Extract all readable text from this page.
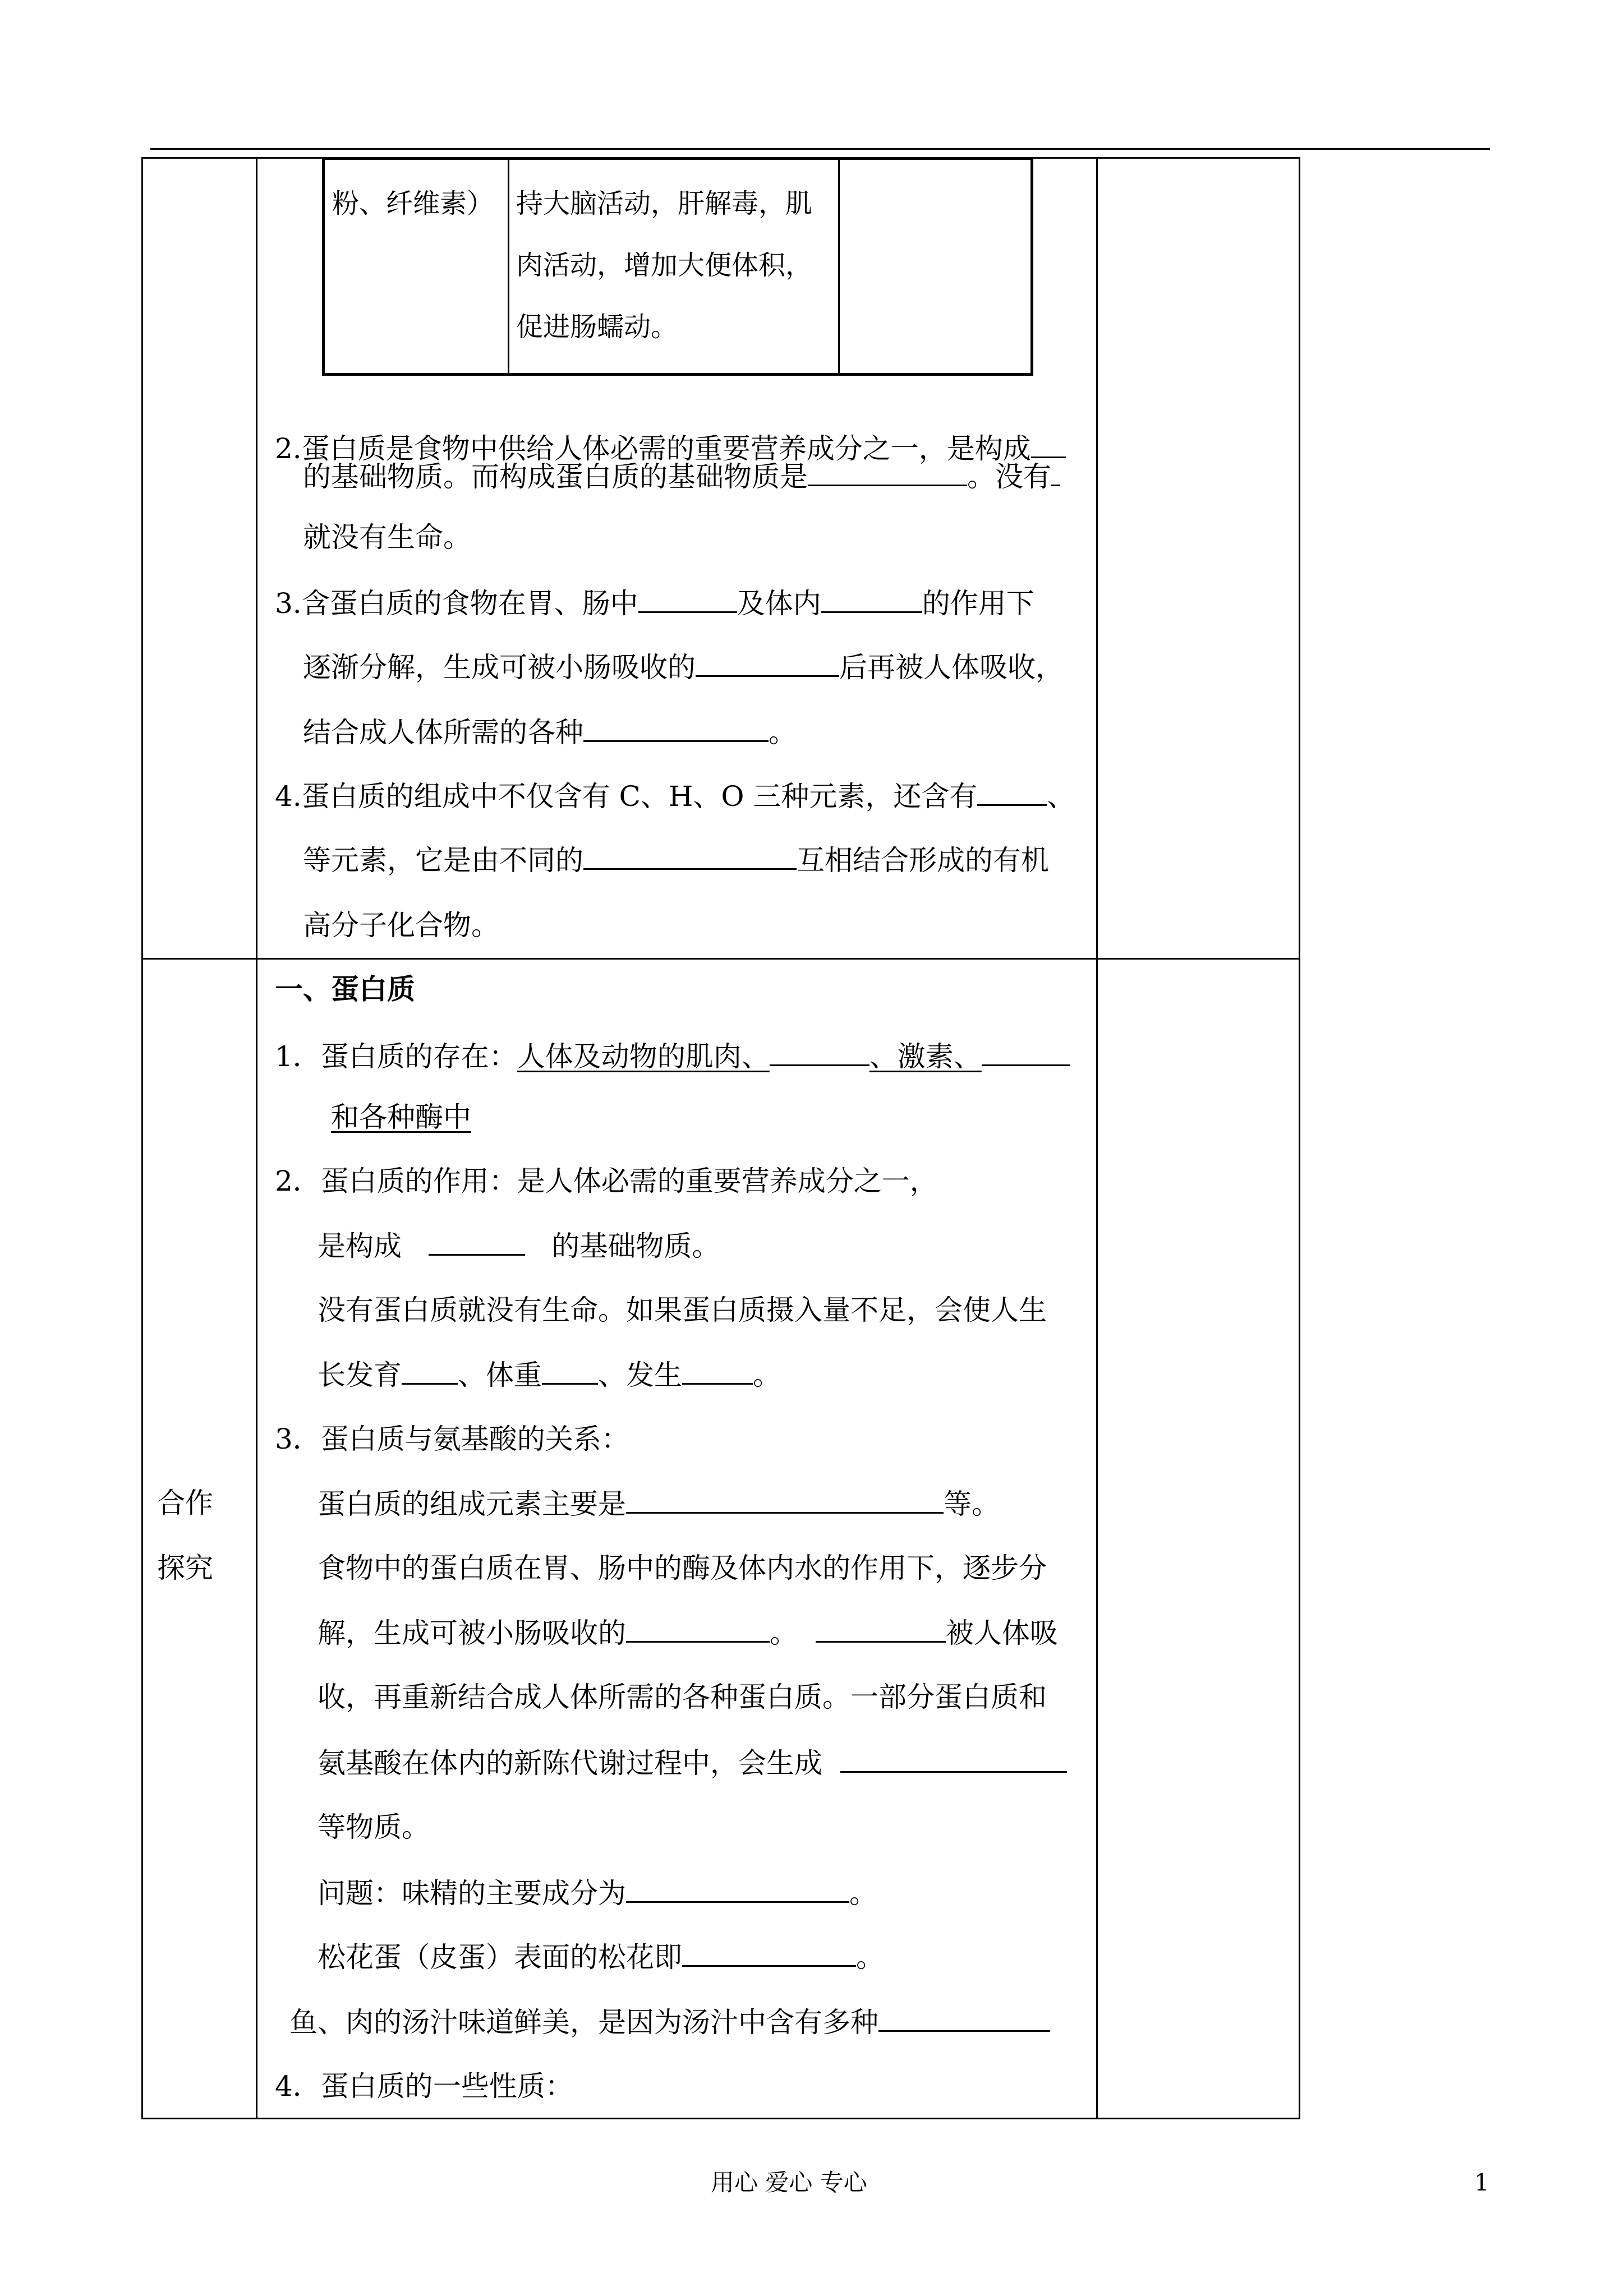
粉、纤维素） 持大脑活动，肝解毒，肌
肉活动，增加大便体积，
促进肠蠕动。
2.蛋白质是食物中供给人体必需的重要营养成分之一，是构成
的基础物质。而构成蛋白质的基础物质是	。没有
就没有生命。
3.含蛋白质的食物在胃、肠中	及体内	的作用下
逐渐分解，生成可被小肠吸收的	后再被人体吸收，
结合成人体所需的各种	。
4.蛋白质的组成中不仅含有 C、H、O 三种元素，还含有 、
等元素，它是由不同的	互相结合形成的有机
高分子化合物。
合作
探究
一、蛋白质
1．蛋白质的存在：人体及动物的肌肉、	、激素、
和各种酶中
2．蛋白质的作用：是人体必需的重要营养成分之一，
是构成	的基础物质。
没有蛋白质就没有生命。如果蛋白质摄入量不足，会使人生
长发育 、体重 、发生	。
3．蛋白质与氨基酸的关系：
蛋白质的组成元素主要是	等。
食物中的蛋白质在胃、肠中的酶及体内水的作用下，逐步分
解，生成可被小肠吸收的	。	被人体吸
收，再重新结合成人体所需的各种蛋白质。一部分蛋白质和
氨基酸在体内的新陈代谢过程中，会生成
等物质。
问题：味精的主要成分为	。
松花蛋（皮蛋）表面的松花即	。
鱼、肉的汤汁味道鲜美，是因为汤汁中含有多种
4．蛋白质的一些性质：
用心 爱心 专心	1
